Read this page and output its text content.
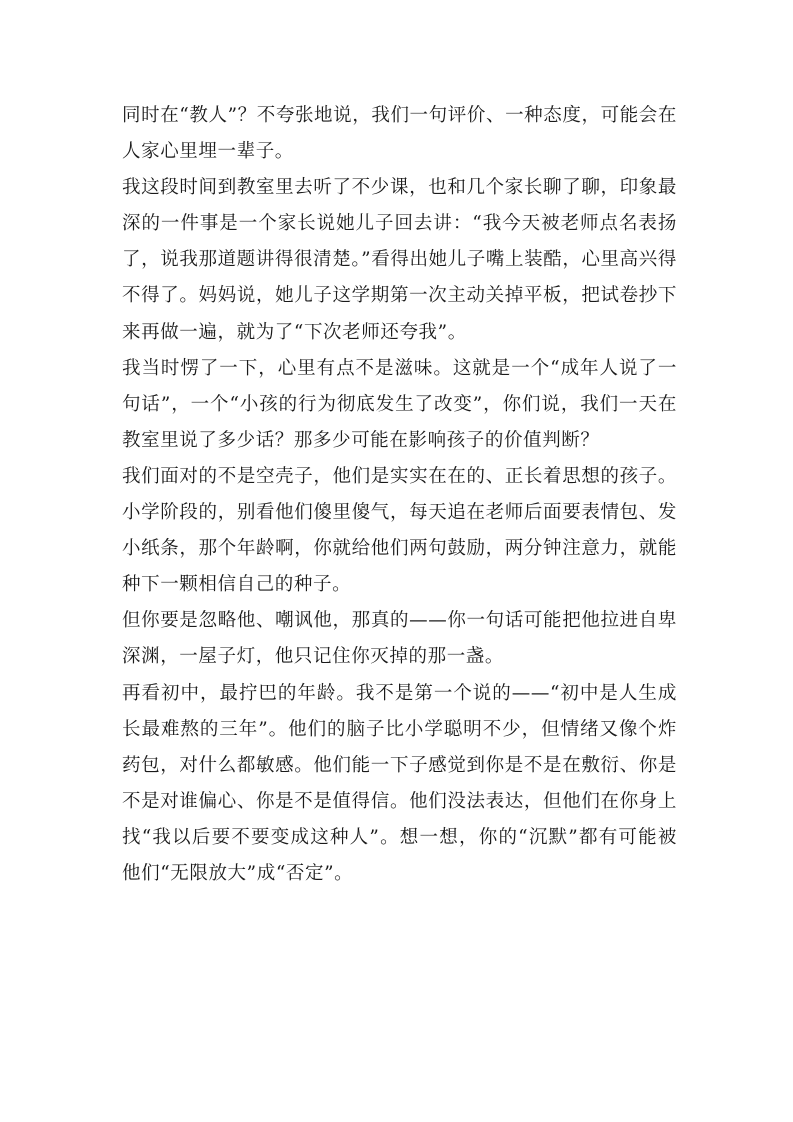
同时在“教人”？不夸张地说，我们一句评价、一种态度，可能会在人家心里埋一辈子。

我这段时间到教室里去听了不少课，也和几个家长聊了聊，印象最深的一件事是一个家长说她儿子回去讲：“我今天被老师点名表扬了，说我那道题讲得很清楚。”看得出她儿子嘴上装酷，心里高兴得不得了。妈妈说，她儿子这学期第一次主动关掉平板，把试卷抄下来再做一遍，就为了“下次老师还夸我”。

我当时愣了一下，心里有点不是滋味。这就是一个“成年人说了一句话”，一个“小孩的行为彻底发生了改变”，你们说，我们一天在教室里说了多少话？那多少可能在影响孩子的价值判断？

我们面对的不是空壳子，他们是实实在在的、正长着思想的孩子。小学阶段的，别看他们傻里傻气，每天追在老师后面要表情包、发小纸条，那个年龄啊，你就给他们两句鼓励，两分钟注意力，就能种下一颗相信自己的种子。

但你要是忽略他、嘲讽他，那真的——你一句话可能把他拉进自卑深渊，一屋子灯，他只记住你灭掉的那一盏。

再看初中，最拧巴的年龄。我不是第一个说的——“初中是人生成长最难熬的三年”。他们的脑子比小学聪明不少，但情绪又像个炸药包，对什么都敏感。他们能一下子感觉到你是不是在敷衍、你是不是对谁偏心、你是不是值得信。他们没法表达，但他们在你身上找“我以后要不要变成这种人”。想一想，你的“沉默”都有可能被他们“无限放大”成“否定”。
